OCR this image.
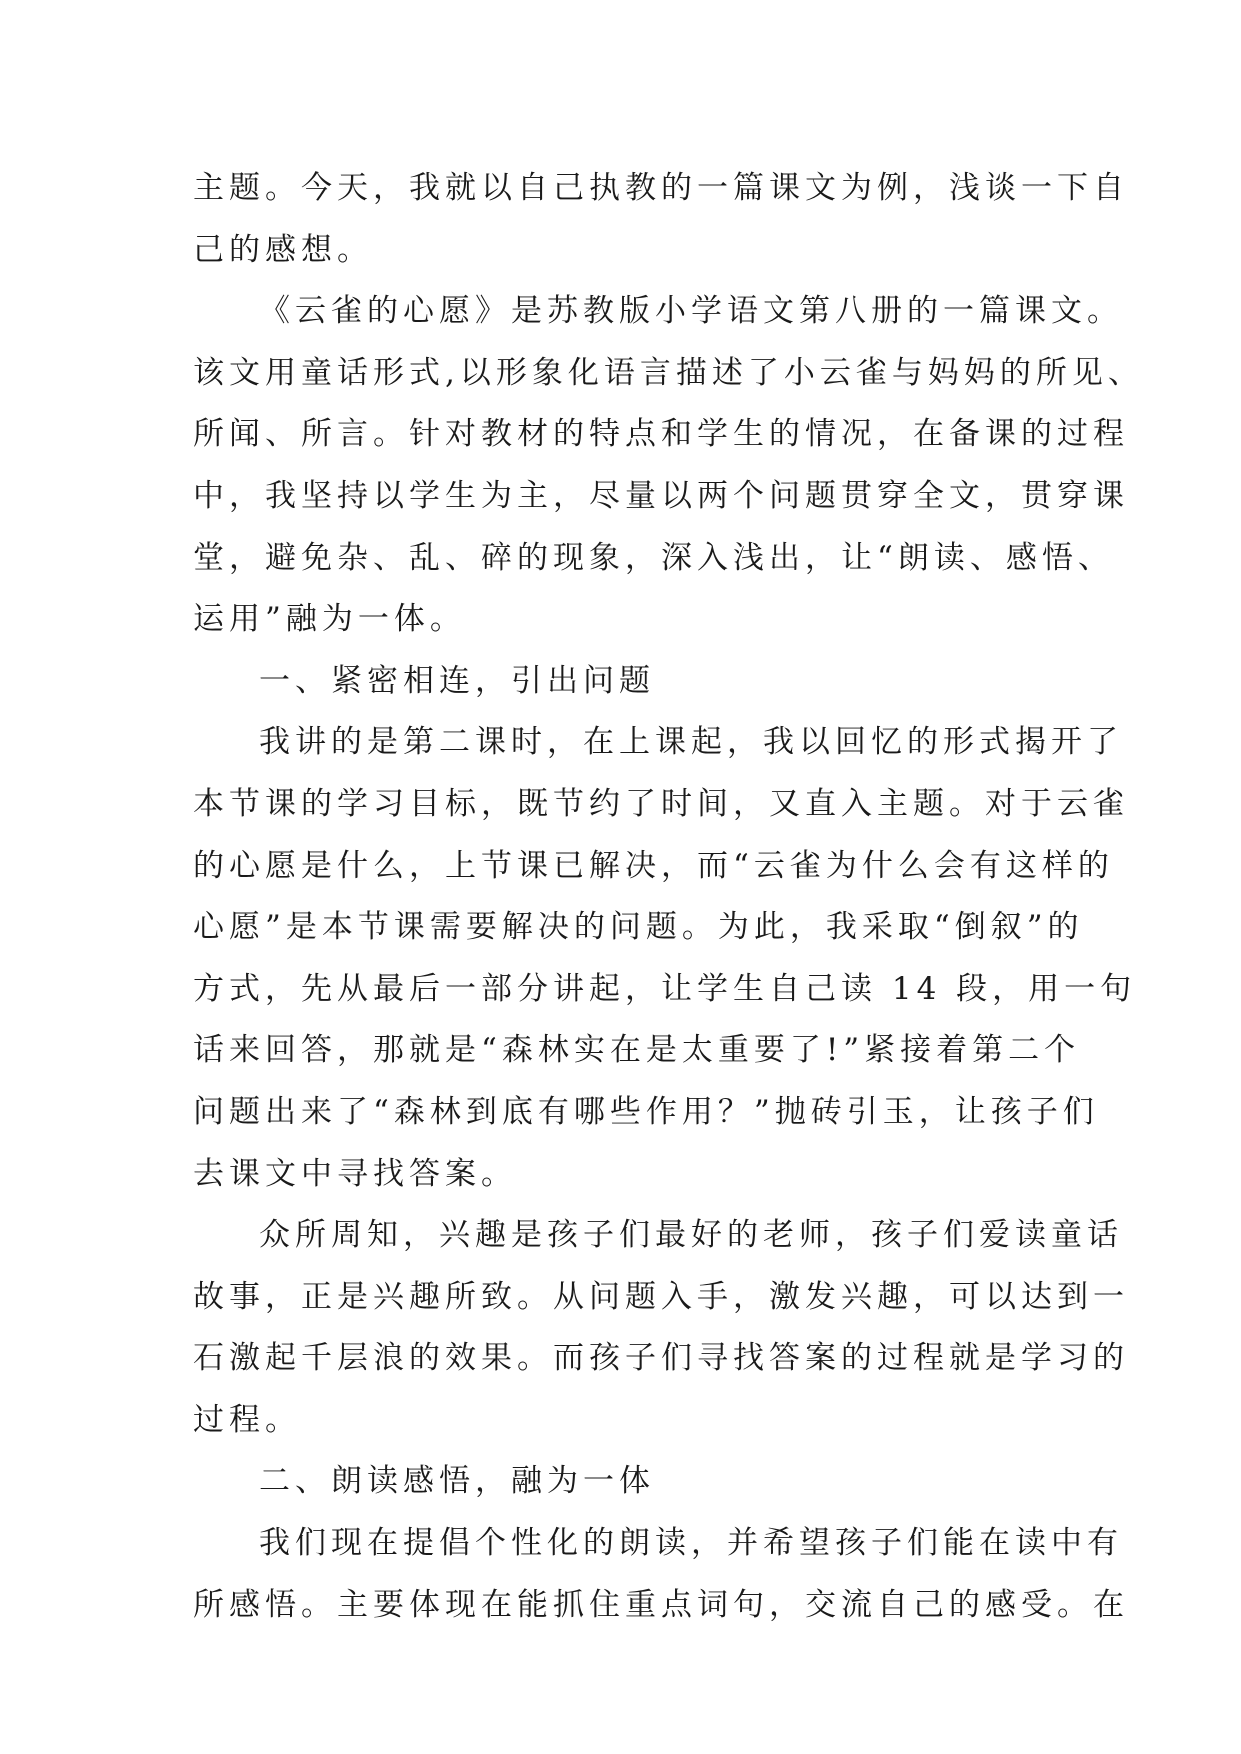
主题。今天，我就以自己执教的一篇课文为例，浅谈一下自
己的感想。
《云雀的心愿》是苏教版小学语文第八册的一篇课文。
该文用童话形式,以形象化语言描述了小云雀与妈妈的所见、
所闻、所言。针对教材的特点和学生的情况，在备课的过程
中，我坚持以学生为主，尽量以两个问题贯穿全文，贯穿课
堂，避免杂、乱、碎的现象，深入浅出，让“朗读、感悟、
运用”融为一体。
一、紧密相连，引出问题
我讲的是第二课时，在上课起，我以回忆的形式揭开了
本节课的学习目标，既节约了时间，又直入主题。对于云雀
的心愿是什么，上节课已解决，而“云雀为什么会有这样的
心愿”是本节课需要解决的问题。为此，我采取“倒叙”的
方式，先从最后一部分讲起，让学生自己读 14 段，用一句
话来回答，那就是“森林实在是太重要了!”紧接着第二个
问题出来了“森林到底有哪些作用？”抛砖引玉，让孩子们
去课文中寻找答案。
众所周知，兴趣是孩子们最好的老师，孩子们爱读童话
故事，正是兴趣所致。从问题入手，激发兴趣，可以达到一
石激起千层浪的效果。而孩子们寻找答案的过程就是学习的
过程。
二、朗读感悟，融为一体
我们现在提倡个性化的朗读，并希望孩子们能在读中有
所感悟。主要体现在能抓住重点词句，交流自己的感受。在
